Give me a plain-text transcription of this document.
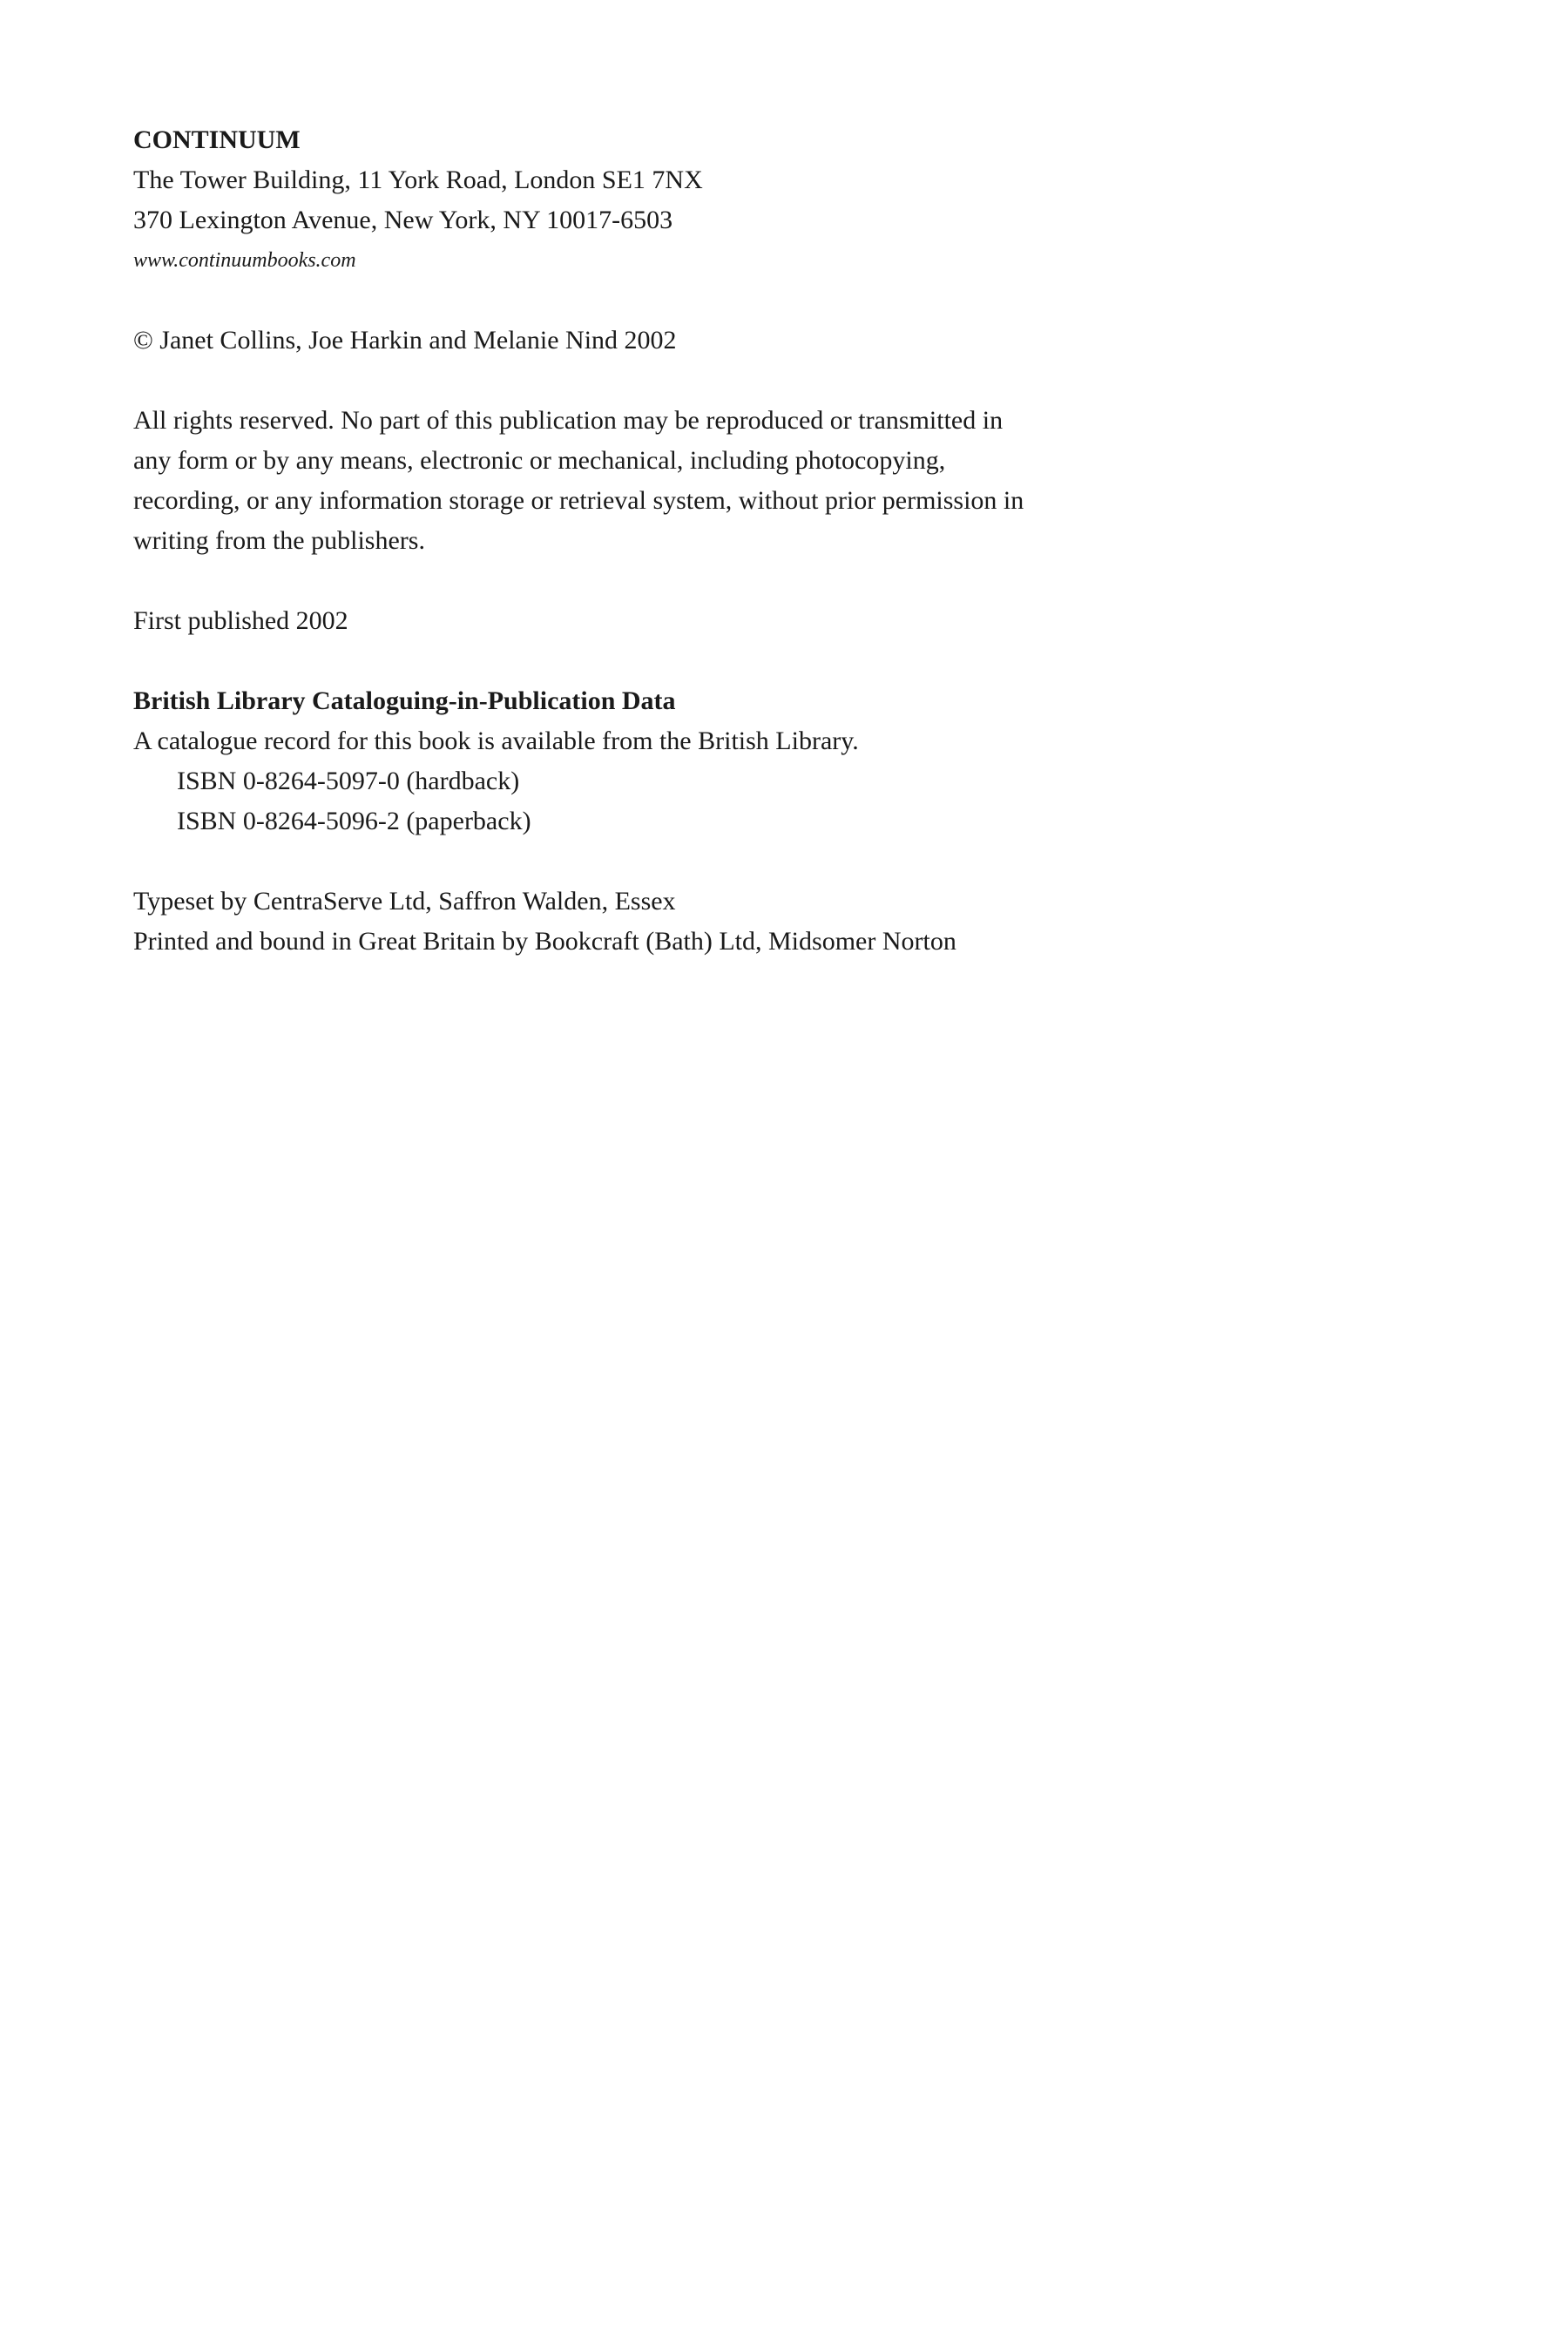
CONTINUUM
The Tower Building, 11 York Road, London SE1 7NX
370 Lexington Avenue, New York, NY 10017-6503
www.continuumbooks.com
© Janet Collins, Joe Harkin and Melanie Nind 2002
All rights reserved. No part of this publication may be reproduced or transmitted in
any form or by any means, electronic or mechanical, including photocopying,
recording, or any information storage or retrieval system, without prior permission in
writing from the publishers.
First published 2002
British Library Cataloguing-in-Publication Data
A catalogue record for this book is available from the British Library.
ISBN 0-8264-5097-0 (hardback)
ISBN 0-8264-5096-2 (paperback)
Typeset by CentraServe Ltd, Saffron Walden, Essex
Printed and bound in Great Britain by Bookcraft (Bath) Ltd, Midsomer Norton
